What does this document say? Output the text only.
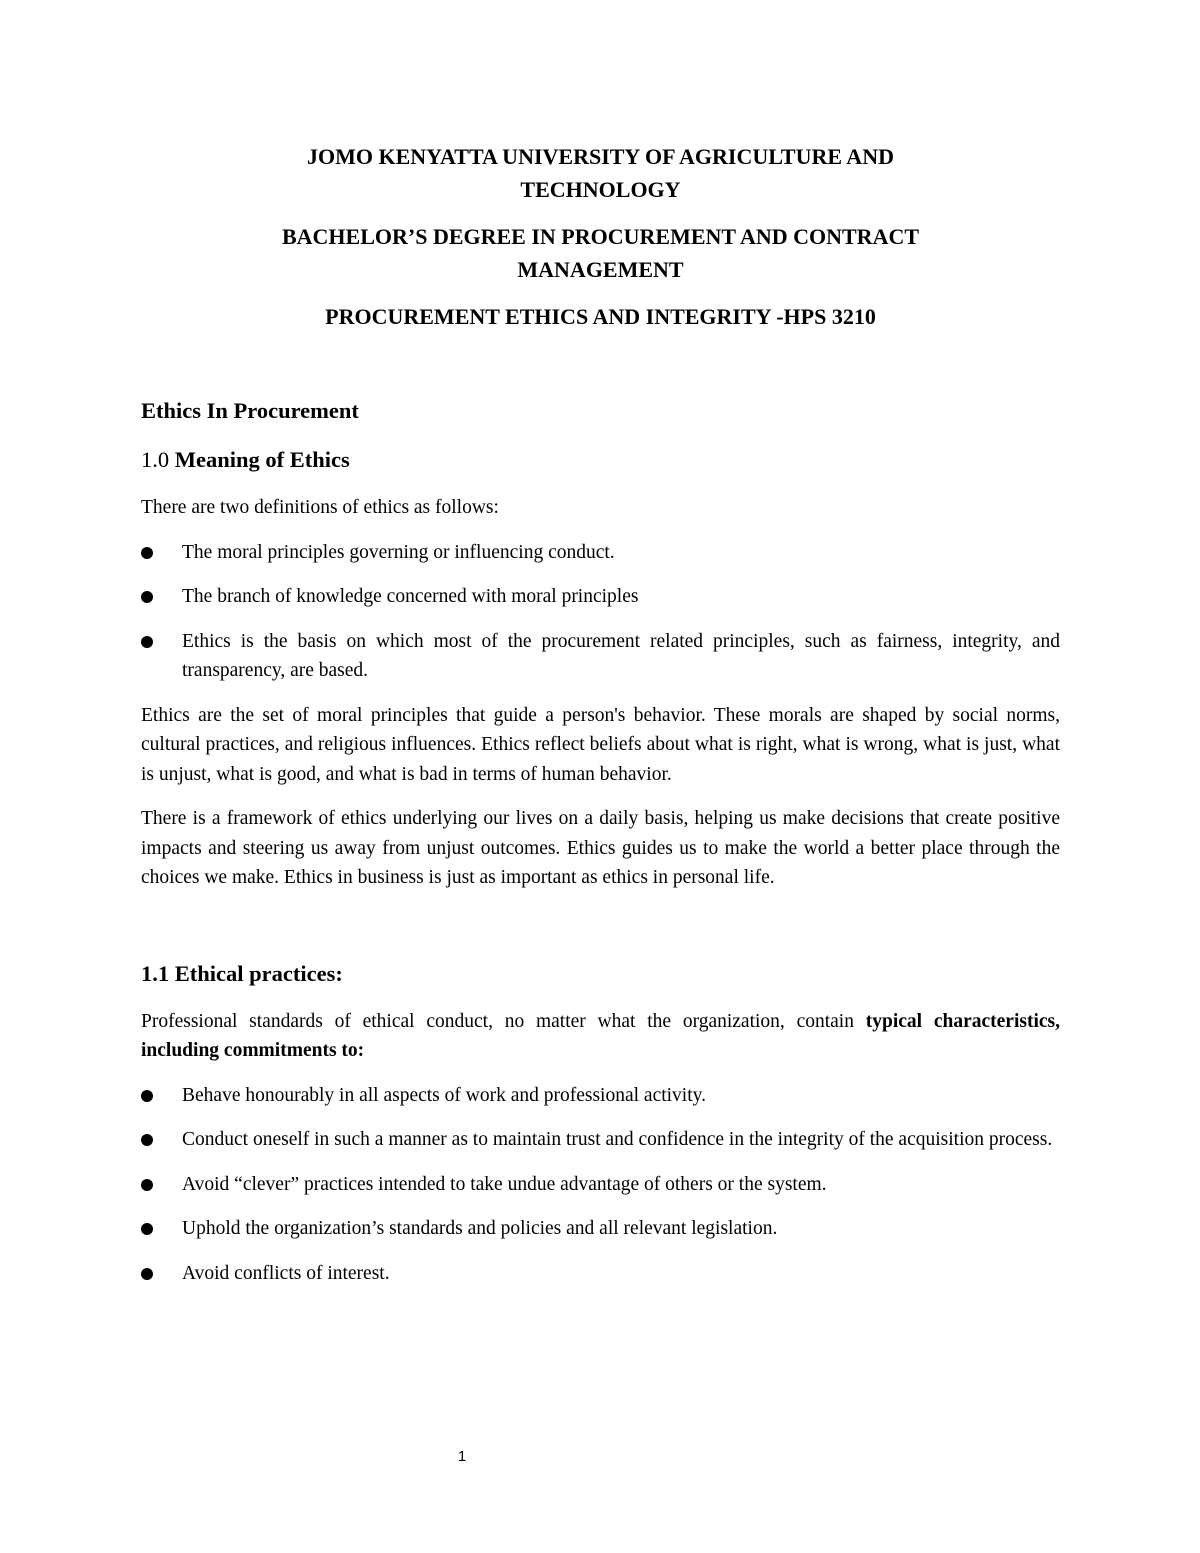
JOMO KENYATTA UNIVERSITY OF AGRICULTURE AND

TECHNOLOGY

BACHELOR’S DEGREE IN PROCUREMENT AND CONTRACT

MANAGEMENT

PROCUREMENT ETHICS AND INTEGRITY -HPS 3210

Ethics In Procurement
1.0 Meaning of Ethics

There are two definitions of ethics as follows:

The moral principles governing or influencing conduct.
The branch of knowledge concerned with moral principles
Ethics is the basis on which most of the procurement related principles, such as fairness, integrity, and transparency, are based.

Ethics are the set of moral principles that guide a person's behavior. These morals are shaped by social norms, cultural practices, and religious influences. Ethics reflect beliefs about what is right, what is wrong, what is just, what is unjust, what is good, and what is bad in terms of human behavior.

There is a framework of ethics underlying our lives on a daily basis, helping us make decisions that create positive impacts and steering us away from unjust outcomes. Ethics guides us to make the world a better place through the choices we make. Ethics in business is just as important as ethics in personal life.

1.1 Ethical practices:

Professional standards of ethical conduct, no matter what the organization, contain typical characteristics, including commitments to:

Behave honourably in all aspects of work and professional activity.
Conduct oneself in such a manner as to maintain trust and confidence in the integrity of the acquisition process.
Avoid “clever” practices intended to take undue advantage of others or the system.
Uphold the organization’s standards and policies and all relevant legislation.
Avoid conflicts of interest.
1
